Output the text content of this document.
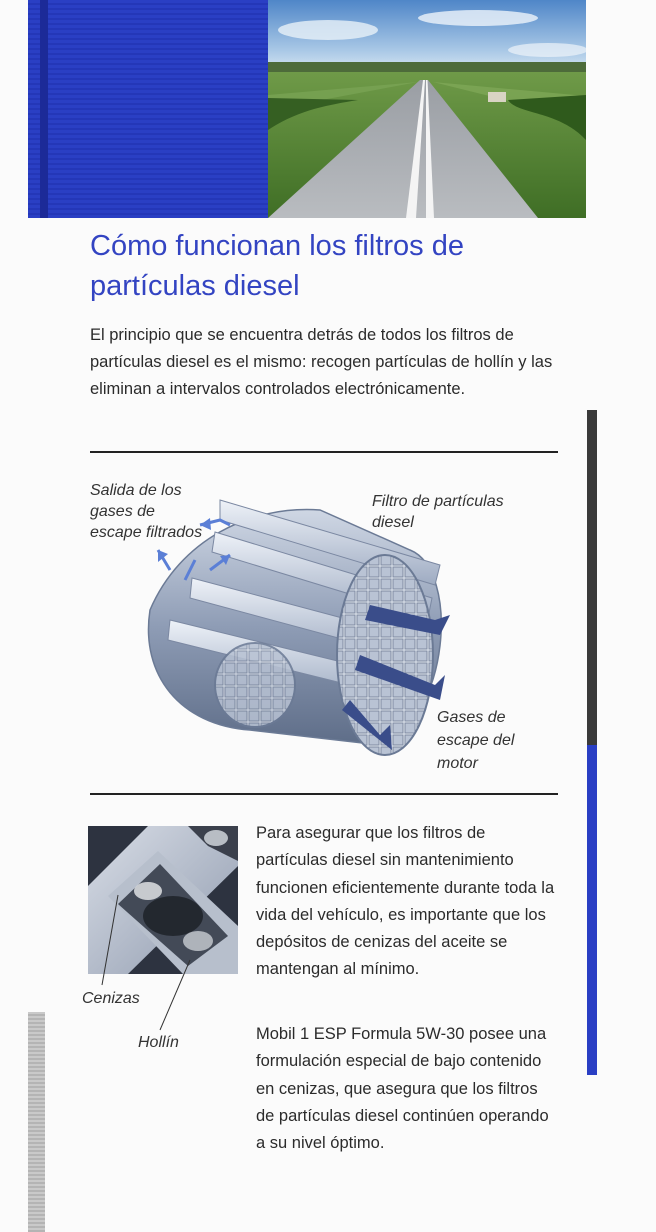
Cómo funcionan los filtros de partículas diesel

El principio que se encuentra detrás de todos los filtros de partículas diesel es el mismo: recogen partículas de hollín y las eliminan a intervalos controlados electrónicamente.

Salida de los gases de escape filtrados

Filtro de partículas diesel

Gases de escape del motor

Cenizas

Hollín

Para asegurar que los filtros de partículas diesel sin mantenimiento funcionen eficientemente durante toda la vida del vehículo, es importante que los depósitos de cenizas del aceite se mantengan al mínimo.

Mobil 1 ESP Formula 5W-30 posee una formulación especial de bajo contenido en cenizas, que asegura que los filtros de partículas diesel continúen operando a su nivel óptimo.
